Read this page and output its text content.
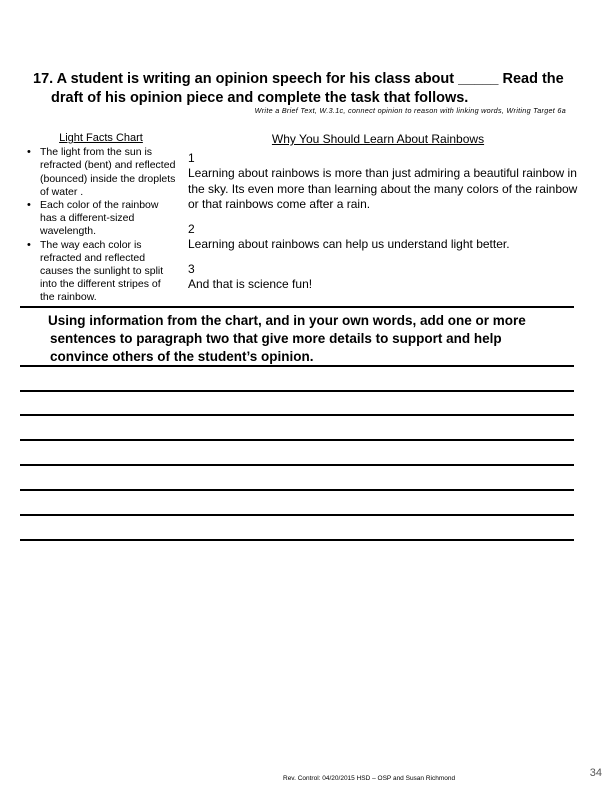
17. A student is writing an opinion speech for his class about _____ Read the
draft of his opinion piece and complete the task that follows.
Write a Brief Text, W.3.1c, connect opinion to reason with linking words, Writing Target 6a
Light Facts Chart
• The light from the sun is refracted (bent) and reflected (bounced) inside the droplets of water .
• Each color of the rainbow has a different-sized wavelength.
• The way each color is refracted and reflected causes the sunlight to split into the different stripes of the rainbow.
Why You Should Learn About Rainbows
1
Learning about rainbows is more than just admiring a beautiful rainbow in the sky. Its even more than learning about the many colors of the rainbow or that rainbows come after a rain.
2
Learning about rainbows can help us understand light better.
3
And that is science fun!
Using information from the chart, and in your own words, add one or more
sentences to paragraph two that give more details to support and help
convince others of the student’s opinion.
Rev. Control: 04/20/2015 HSD – OSP and Susan Richmond	34
